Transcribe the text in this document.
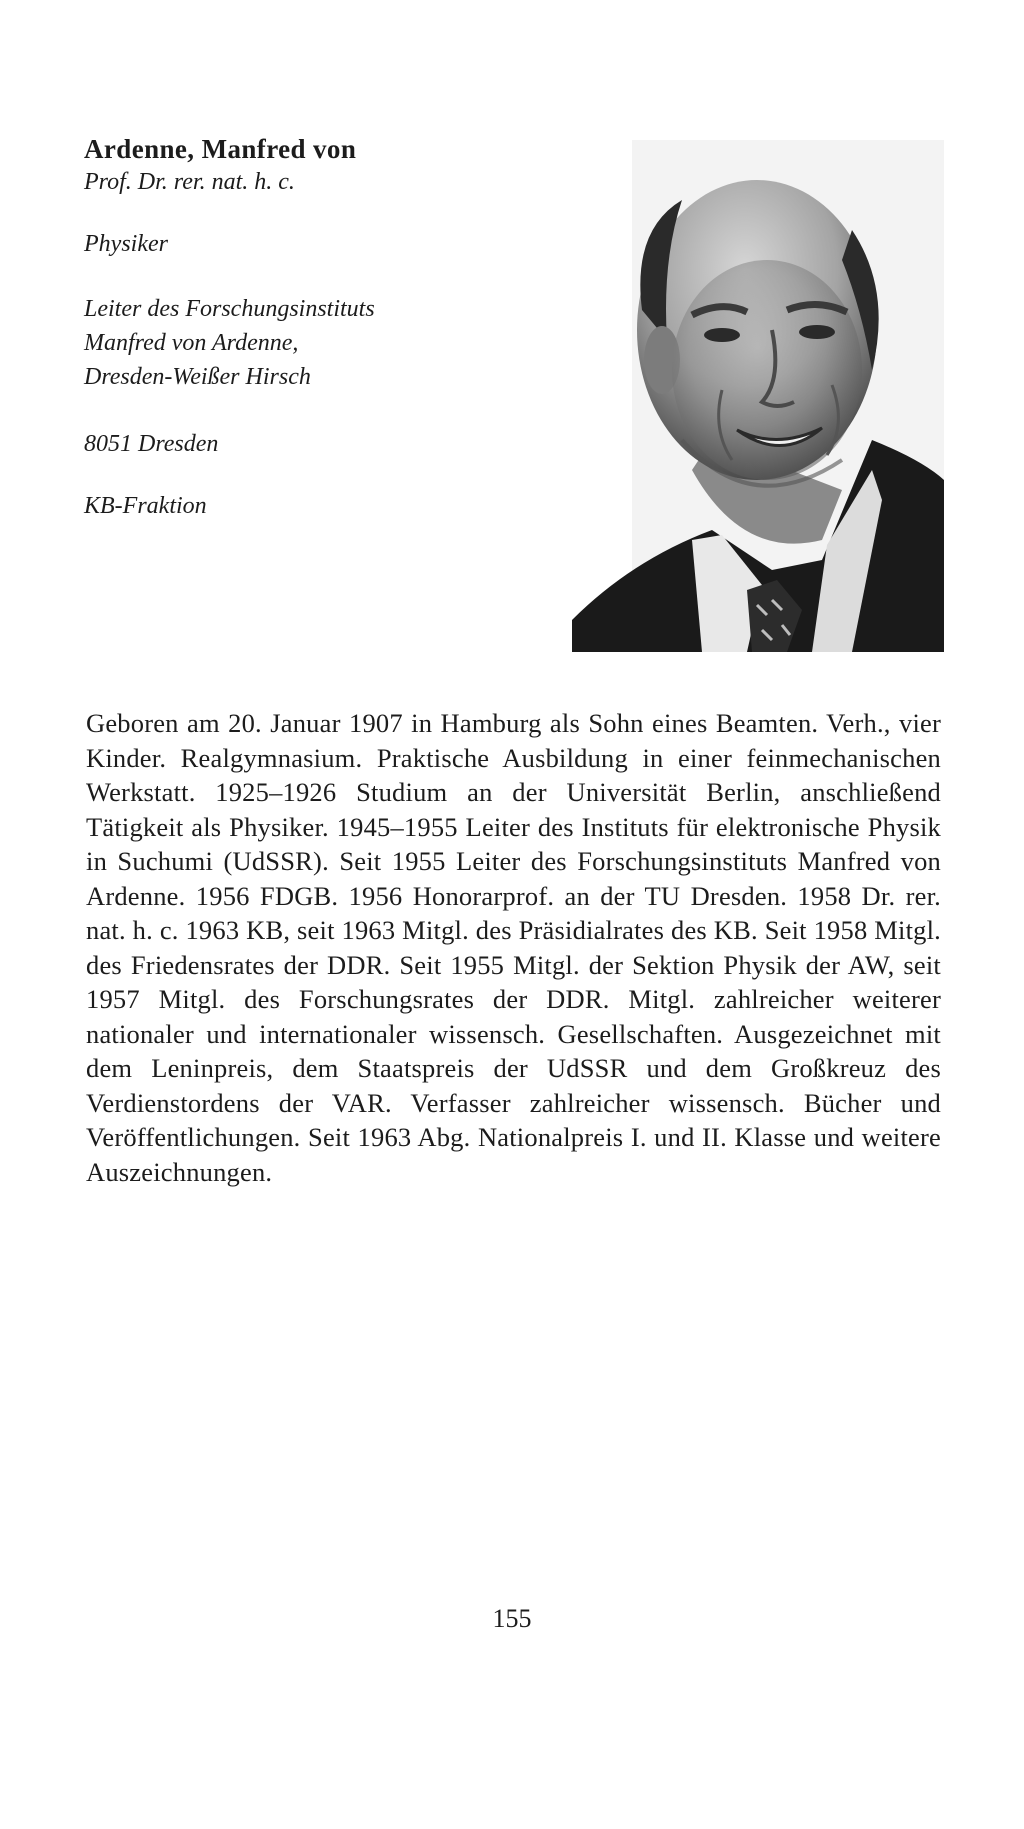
Ardenne, Manfred von

Prof. Dr. rer. nat. h. c.

Physiker

Leiter des Forschungsinstituts
Manfred von Ardenne,
Dresden-Weißer Hirsch

8051 Dresden

KB-Fraktion

Geboren am 20. Januar 1907 in Hamburg als Sohn eines Beamten. Verh., vier Kinder. Realgymnasium. Praktische Ausbildung in einer feinmechanischen Werkstatt. 1925–1926 Studium an der Universität Berlin, anschließend Tätigkeit als Physiker. 1945–1955 Leiter des Instituts für elektronische Physik in Suchumi (UdSSR). Seit 1955 Leiter des Forschungsinstituts Manfred von Ardenne. 1956 FDGB. 1956 Honorarprof. an der TU Dresden. 1958 Dr. rer. nat. h. c. 1963 KB, seit 1963 Mitgl. des Präsidialrates des KB. Seit 1958 Mitgl. des Friedensrates der DDR. Seit 1955 Mitgl. der Sektion Physik der AW, seit 1957 Mitgl. des Forschungsrates der DDR. Mitgl. zahlreicher weiterer nationaler und internationaler wissensch. Gesellschaften. Ausgezeichnet mit dem Leninpreis, dem Staatspreis der UdSSR und dem Großkreuz des Verdienstordens der VAR. Verfasser zahlreicher wissensch. Bücher und Veröffentlichungen. Seit 1963 Abg. Nationalpreis I. und II. Klasse und weitere Auszeichnungen.

155
